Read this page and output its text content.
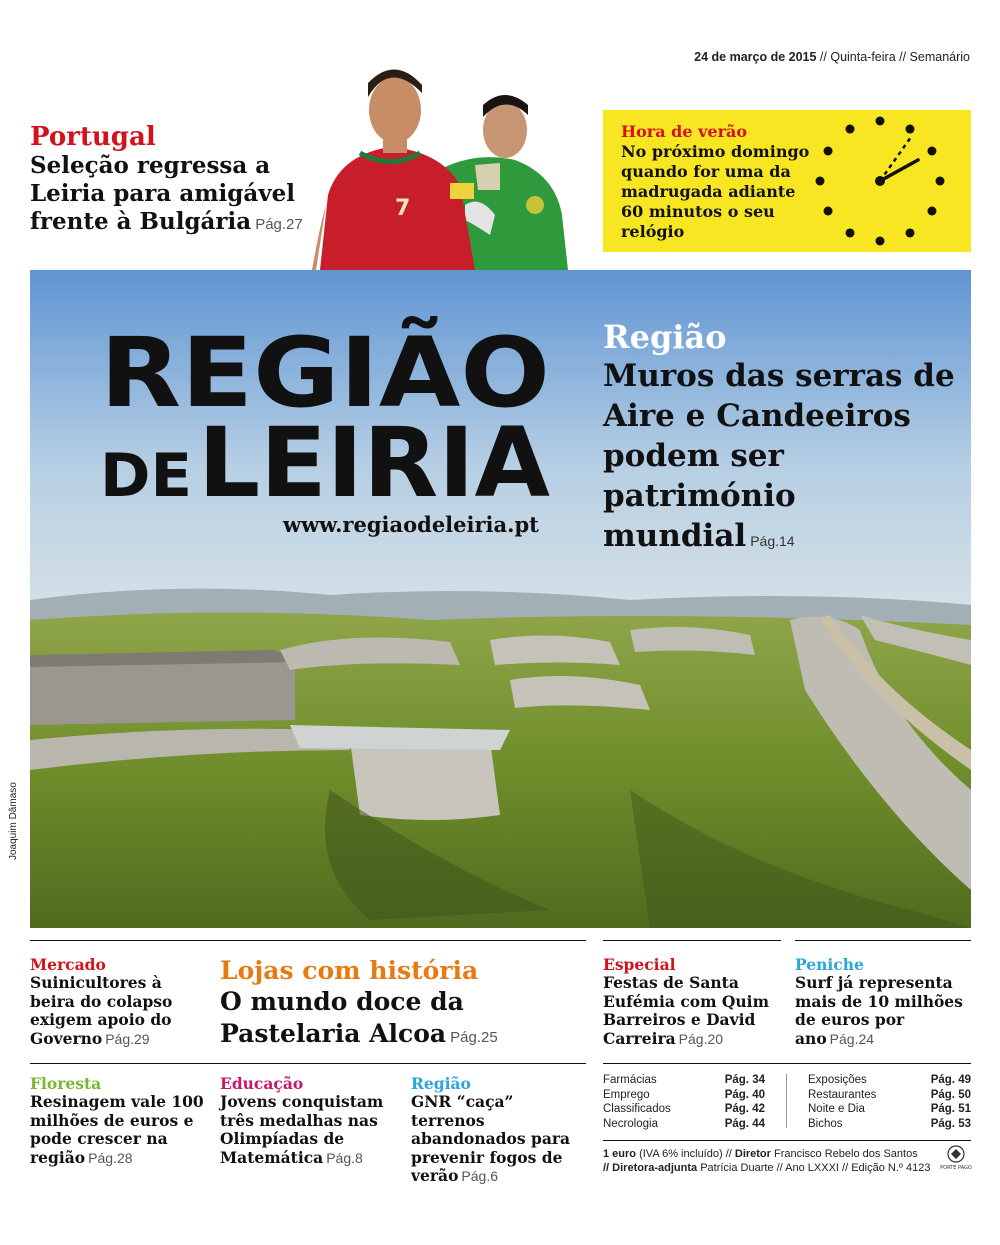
24 de março de 2015 // Quinta-feira // Semanário
Portugal
Seleção regressa a Leiria para amigável frente à Bulgária Pág.27
7
Hora de verão
No próximo domingo quando for uma da madrugada adiante 60 minutos o seu relógio
Joaquim Dâmaso
REGIÃO
DE LEIRIA
www.regiaodeleiria.pt
Região
Muros das serras de Aire e Candeeiros podem ser património mundial Pág.14
Mercado
Suinicultores à beira do colapso exigem apoio do Governo Pág.29
Lojas com história
O mundo doce da Pastelaria Alcoa Pág.25
Especial
Festas de Santa Eufémia com Quim Barreiros e David Carreira Pág.20
Peniche
Surf já representa mais de 10 milhões de euros por ano Pág.24
Floresta
Resinagem vale 100 milhões de euros e pode crescer na região Pág.28
Educação
Jovens conquistam três medalhas nas Olimpíadas de Matemática Pág.8
Região
GNR “caça” terrenos abandonados para prevenir fogos de verão Pág.6
Farmácias	Pág. 34
Emprego	Pág. 40
Classificados	Pág. 42
Necrologia	Pág. 44
Exposições	Pág. 49
Restaurantes	Pág. 50
Noite e Dia	Pág. 51
Bichos	Pág. 53
1 euro (IVA 6% incluído) // Diretor Francisco Rebelo dos Santos
// Diretora-adjunta Patrícia Duarte // Ano LXXXI // Edição N.º 4123	PORTE PAGO
